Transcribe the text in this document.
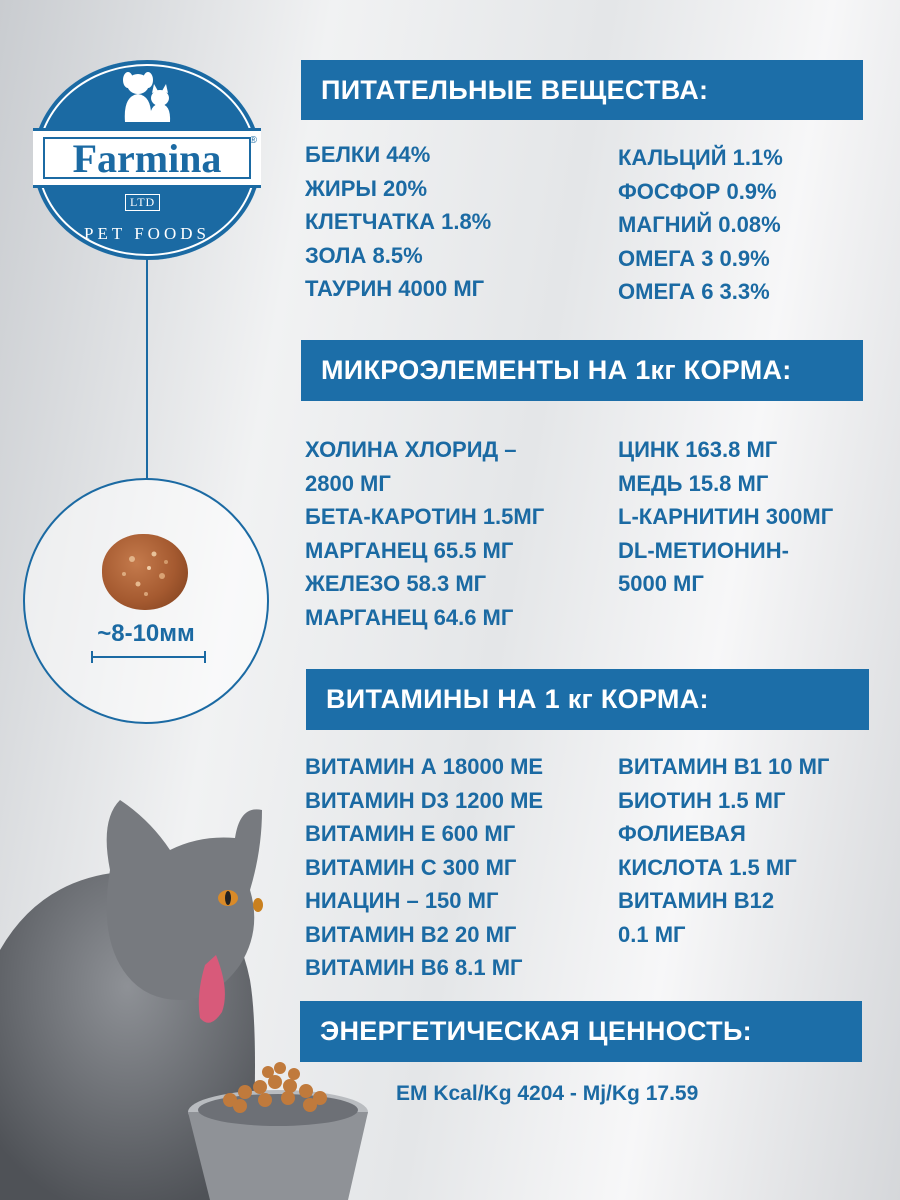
Farmina	®
LTD
PET FOODS
~8-10мм
ПИТАТЕЛЬНЫЕ ВЕЩЕСТВА:
БЕЛКИ 44%
ЖИРЫ 20%
КЛЕТЧАТКА 1.8%
ЗОЛА 8.5%
ТАУРИН 4000 МГ
КАЛЬЦИЙ 1.1%
ФОСФОР 0.9%
МАГНИЙ 0.08%
ОМЕГА 3 0.9%
ОМЕГА 6 3.3%
МИКРОЭЛЕМЕНТЫ НА 1кг КОРМА:
ХОЛИНА ХЛОРИД –
2800 МГ
БЕТА-КАРОТИН 1.5МГ
МАРГАНЕЦ 65.5 МГ
ЖЕЛЕЗО 58.3 МГ
МАРГАНЕЦ 64.6 МГ
ЦИНК 163.8 МГ
МЕДЬ 15.8 МГ
L-КАРНИТИН 300МГ
DL-МЕТИОНИН-
5000 МГ
ВИТАМИНЫ НА 1 кг КОРМА:
ВИТАМИН А 18000 МЕ
ВИТАМИН D3 1200 МЕ
ВИТАМИН Е 600 МГ
ВИТАМИН С 300 МГ
НИАЦИН – 150 МГ
ВИТАМИН В2 20 МГ
ВИТАМИН В6 8.1 МГ
ВИТАМИН В1 10 МГ
БИОТИН 1.5 МГ
ФОЛИЕВАЯ
КИСЛОТА 1.5 МГ
ВИТАМИН В12
0.1 МГ
ЭНЕРГЕТИЧЕСКАЯ ЦЕННОСТЬ:
EM Kcal/Kg 4204 - Mj/Kg 17.59
